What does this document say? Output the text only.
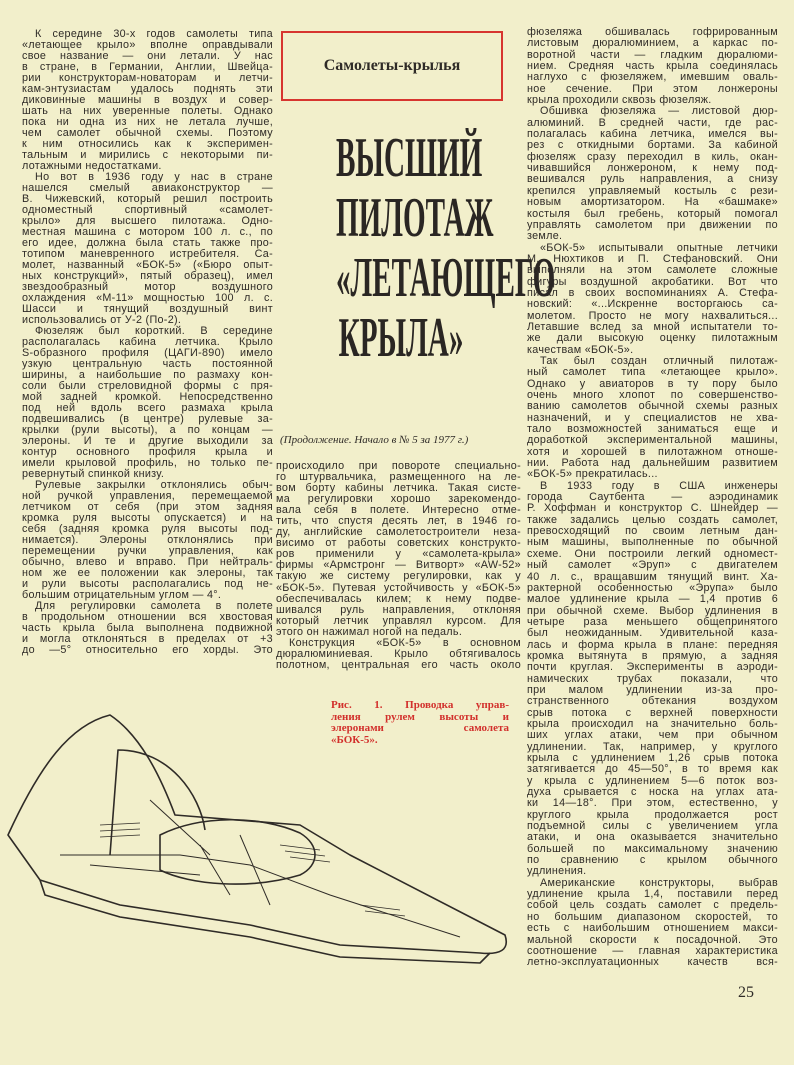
К середине 30-х годов самолеты типа
«летающее крыло» вполне оправдывали
свое название — они летали. У нас
в стране, в Германии, Англии, Швейца-
рии конструкторам-новаторам и летчи-
кам-энтузиастам удалось поднять эти
диковинные машины в воздух и совер-
шать на них уверенные полеты. Однако
пока ни одна из них не летала лучше,
чем самолет обычной схемы. Поэтому
к ним относились как к эксперимен-
тальным и мирились с некоторыми пи-
лотажными недостатками.
Но вот в 1936 году у нас в стране
нашелся смелый авиаконструктор —
В. Чижевский, который решил построить
одноместный спортивный «самолет-
крыло» для высшего пилотажа. Одно-
местная машина с мотором 100 л. с., по
его идее, должна была стать также про-
тотипом маневренного истребителя. Са-
молет, названный «БОК-5» («Бюро опыт-
ных конструкций», пятый образец), имел
звездообразный мотор воздушного
охлаждения «М-11» мощностью 100 л. с.
Шасси и тянущий воздушный винт
использовались от У-2 (По-2).
Фюзеляж был короткий. В середине
располагалась кабина летчика. Крыло
S-образного профиля (ЦАГИ-890) имело
узкую центральную часть постоянной
ширины, а наибольшие по размаху кон-
соли были стреловидной формы с пря-
мой задней кромкой. Непосредственно
под ней вдоль всего размаха крыла
подвешивались (в центре) рулевые за-
крылки (рули высоты), а по концам —
элероны. И те и другие выходили за
контур основного профиля крыла и
имели крыловой профиль, но только пе-
ревернутый спинкой книзу.
Рулевые закрылки отклонялись обыч-
ной ручкой управления, перемещаемой
летчиком от себя (при этом задняя
кромка руля высоты опускается) и на
себя (задняя кромка руля высоты под-
нимается). Элероны отклонялись при
перемещении ручки управления, как
обычно, влево и вправо. При нейтраль-
ном же ее положении как элероны, так
и рули высоты располагались под не-
большим отрицательным углом — 4°.
Для регулировки самолета в полете
в продольном отношении вся хвостовая
часть крыла была выполнена подвижной
и могла отклоняться в пределах от +3
до —5° относительно его хорды. Это
Самолеты-крылья
ВЫСШИЙ
ПИЛОТАЖ
«ЛЕТАЮЩЕГО
КРЫЛА»
(Продолжение. Начало в № 5 за 1977 г.)
происходило при повороте специально-
го штурвальчика, размещенного на ле-
вом борту кабины летчика. Такая систе-
ма регулировки хорошо зарекомендо-
вала себя в полете. Интересно отме-
тить, что спустя десять лет, в 1946 го-
ду, английские самолетостроители неза-
висимо от работы советских конструкто-
ров применили у «самолета-крыла»
фирмы «Армстронг — Витворт» «AW-52»
такую же систему регулировки, как у
«БОК-5». Путевая устойчивость у «БОК-5»
обеспечивалась килем; к нему подве-
шивался руль направления, отклоняя
который летчик управлял курсом. Для
этого он нажимал ногой на педаль.
Конструкция «БОК-5» в основном
дюралюминиевая. Крыло обтягивалось
полотном, центральная его часть около
Рис. 1. Проводка управ-
ления рулем высоты и
элеронами самолета
«БОК-5».
фюзеляжа обшивалась гофрированным
листовым дюралюминием, а каркас по-
воротной части — гладким дюралюми-
нием. Средняя часть крыла соединялась
наглухо с фюзеляжем, имевшим оваль-
ное сечение. При этом лонжероны
крыла проходили сквозь фюзеляж.
Обшивка фюзеляжа — листовой дюр-
алюминий. В средней части, где рас-
полагалась кабина летчика, имелся вы-
рез с откидными бортами. За кабиной
фюзеляж сразу переходил в киль, окан-
чивавшийся лонжероном, к нему под-
вешивался руль направления, а снизу
крепился управляемый костыль с рези-
новым амортизатором. На «башмаке»
костыля был гребень, который помогал
управлять самолетом при движении по
земле.
«БОК-5» испытывали опытные летчики
М. Нюхтиков и П. Стефановский. Они
выполняли на этом самолете сложные
фигуры воздушной акробатики. Вот что
писал в своих воспоминаниях А. Стефа-
новский: «...Искренне восторгаюсь са-
молетом. Просто не могу нахвалиться...
Летавшие вслед за мной испытатели то-
же дали высокую оценку пилотажным
качествам «БОК-5».
Так был создан отличный пилотаж-
ный самолет типа «летающее крыло».
Однако у авиаторов в ту пору было
очень много хлопот по совершенство-
ванию самолетов обычной схемы разных
назначений, и у специалистов не хва-
тало возможностей заниматься еще и
доработкой экспериментальной машины,
хотя и хорошей в пилотажном отноше-
нии. Работа над дальнейшим развитием
«БОК-5» прекратилась...
В 1933 году в США инженеры
города Саутбента — аэродинамик
Р. Хоффман и конструктор С. Шнейдер —
также задались целью создать самолет,
превосходящий по своим летным дан-
ным машины, выполненные по обычной
схеме. Они построили легкий одномест-
ный самолет «Эруп» с двигателем
40 л. с., вращавшим тянущий винт. Ха-
рактерной особенностью «Эрупа» было
малое удлинение крыла — 1,4 против 6
при обычной схеме. Выбор удлинения в
четыре раза меньшего общепринятого
был неожиданным. Удивительной каза-
лась и форма крыла в плане: передняя
кромка вытянута в прямую, а задняя
почти круглая. Эксперименты в аэроди-
намических трубах показали, что
при малом удлинении из-за про-
странственного обтекания воздухом
срыв потока с верхней поверхности
крыла происходил на значительно боль-
ших углах атаки, чем при обычном
удлинении. Так, например, у круглого
крыла с удлинением 1,26 срыв потока
затягивается до 45—50°, в то время как
у крыла с удлинением 5—6 поток воз-
духа срывается с носка на углах ата-
ки 14—18°. При этом, естественно, у
круглого крыла продолжается рост
подъемной силы с увеличением угла
атаки, и она оказывается значительно
большей по максимальному значению
по сравнению с крылом обычного
удлинения.
Американские конструкторы, выбрав
удлинение крыла 1,4, поставили перед
собой цель создать самолет с предель-
но большим диапазоном скоростей, то
есть с наибольшим отношением макси-
мальной скорости к посадочной. Это
соотношение — главная характеристика
летно-эксплуатационных качеств вся-
25
